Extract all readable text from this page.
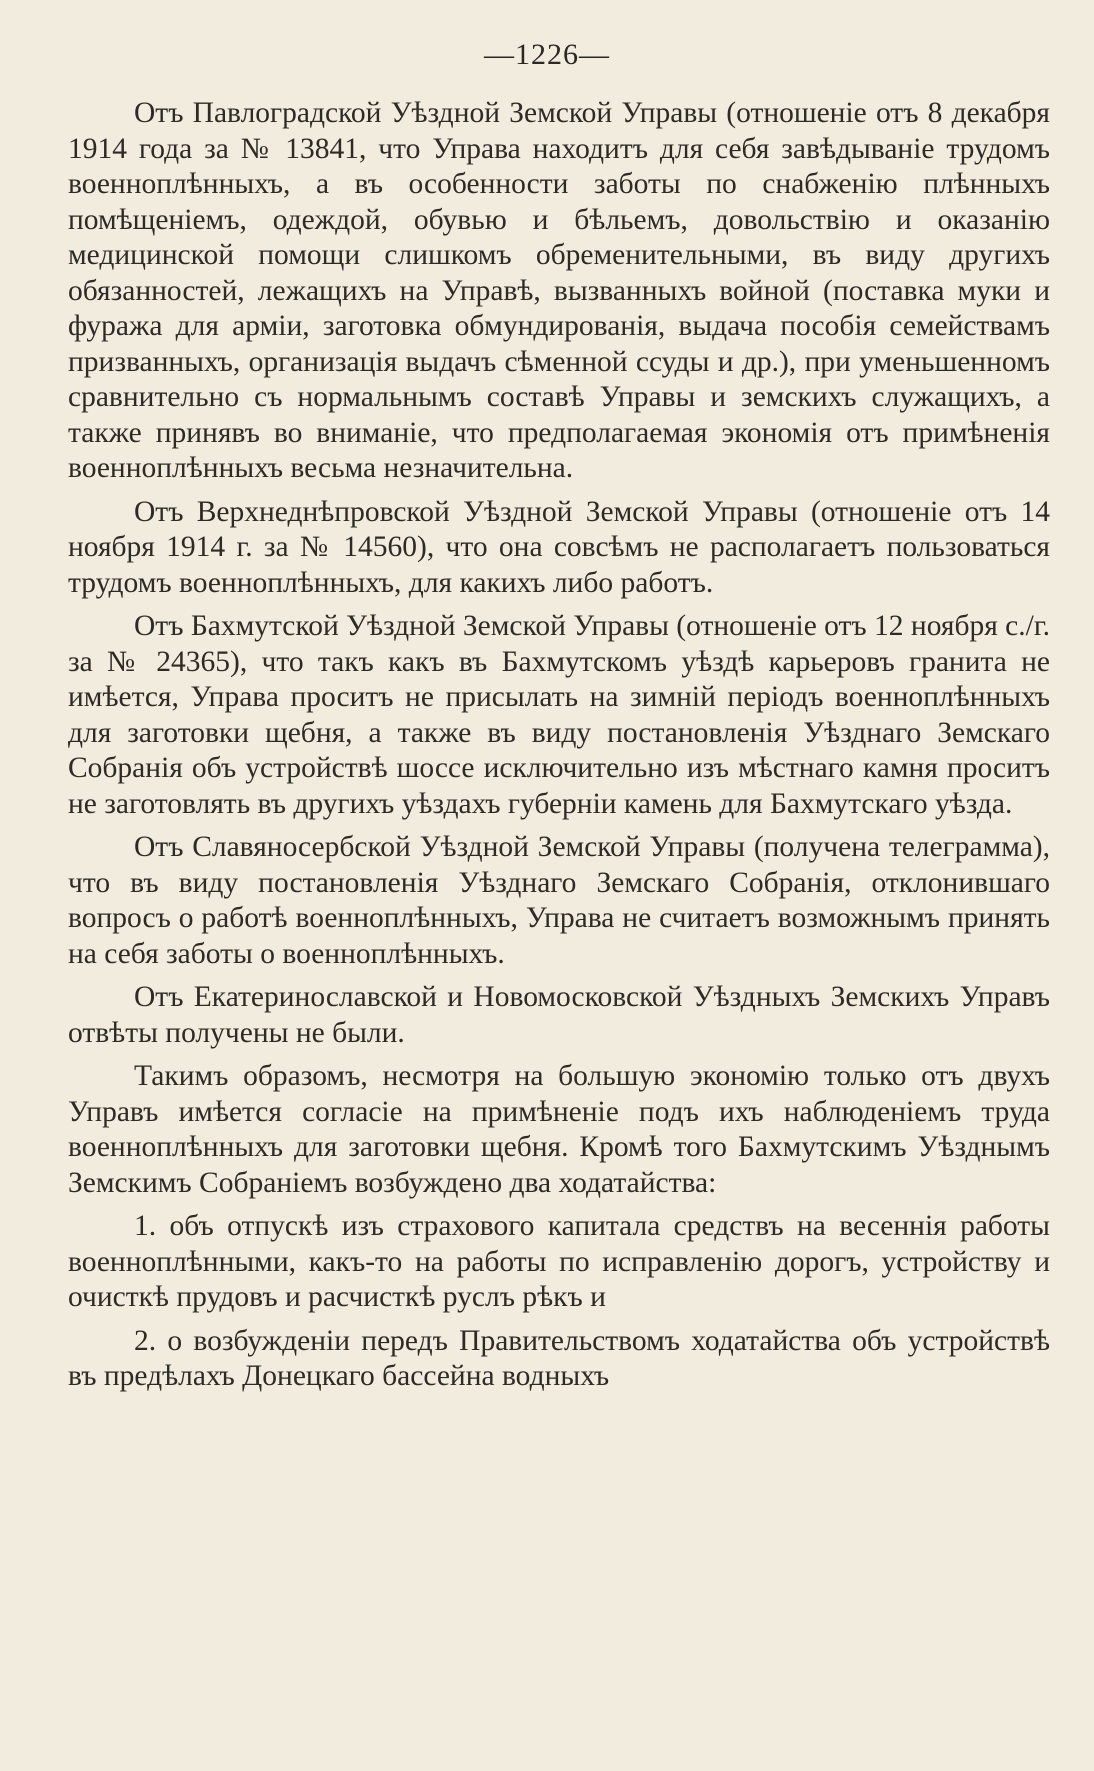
—1226—

Отъ Павлоградской Уѣздной Земской Управы (отношеніе отъ 8 декабря 1914 года за № 13841, что Управа находитъ для себя завѣдываніе трудомъ военноплѣнныхъ, а въ особенности заботы по снабженію плѣнныхъ помѣщеніемъ, одеждой, обувью и бѣльемъ, довольствію и оказанію медицинской помощи слишкомъ обременительными, въ виду другихъ обязанностей, лежащихъ на Управѣ, вызванныхъ войной (поставка муки и фуража для арміи, заготовка обмундированія, выдача пособія семействамъ призванныхъ, организація выдачъ сѣменной ссуды и др.), при уменьшенномъ сравнительно съ нормальнымъ составѣ Управы и земскихъ служащихъ, а также принявъ во вниманіе, что предполагаемая экономія отъ примѣненія военноплѣнныхъ весьма незначительна.

Отъ Верхнеднѣпровской Уѣздной Земской Управы (отношеніе отъ 14 ноября 1914 г. за № 14560), что она совсѣмъ не располагаетъ пользоваться трудомъ военноплѣнныхъ, для какихъ либо работъ.

Отъ Бахмутской Уѣздной Земской Управы (отношеніе отъ 12 ноября с./г. за № 24365), что такъ какъ въ Бахмутскомъ уѣздѣ карьеровъ гранита не имѣется, Управа проситъ не присылать на зимній періодъ военноплѣнныхъ для заготовки щебня, а также въ виду постановленія Уѣзднаго Земскаго Собранія объ устройствѣ шоссе исключительно изъ мѣстнаго камня проситъ не заготовлять въ другихъ уѣздахъ губерніи камень для Бахмутскаго уѣзда.

Отъ Славяносербской Уѣздной Земской Управы (получена телеграмма), что въ виду постановленія Уѣзднаго Земскаго Собранія, отклонившаго вопросъ о работѣ военноплѣнныхъ, Управа не считаетъ возможнымъ принять на себя заботы о военноплѣнныхъ.

Отъ Екатеринославской и Новомосковской Уѣздныхъ Земскихъ Управъ отвѣты получены не были.

Такимъ образомъ, несмотря на большую экономію только отъ двухъ Управъ имѣется согласіе на примѣненіе подъ ихъ наблюденіемъ труда военноплѣнныхъ для заготовки щебня. Кромѣ того Бахмутскимъ Уѣзднымъ Земскимъ Собраніемъ возбуждено два ходатайства:

1. объ отпускѣ изъ страхового капитала средствъ на весеннія работы военноплѣнными, какъ-то на работы по исправленію дорогъ, устройству и очисткѣ прудовъ и расчисткѣ руслъ рѣкъ и

2. о возбужденіи передъ Правительствомъ ходатайства объ устройствѣ въ предѣлахъ Донецкаго бассейна водныхъ
